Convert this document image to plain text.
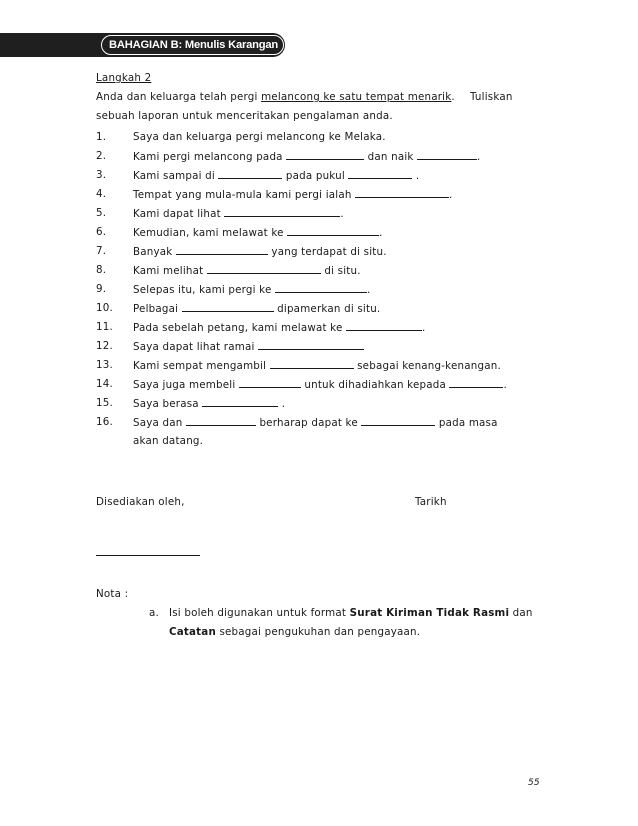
BAHAGIAN B: Menulis Karangan
Langkah 2
Anda dan keluarga telah pergi melancong ke satu tempat menarik. Tuliskan
sebuah laporan untuk menceritakan pengalaman anda.
1.	Saya dan keluarga pergi melancong ke Melaka.
2.	Kami pergi melancong pada	dan naik	.
3.	Kami sampai di	pada pukul	.
4.	Tempat yang mula-mula kami pergi ialah	.
5.	Kami dapat lihat	.
6.	Kemudian, kami melawat ke	.
7.	Banyak	yang terdapat di situ.
8.	Kami melihat	di situ.
9.	Selepas itu, kami pergi ke	.
10. Pelbagai	dipamerkan di situ.
11. Pada sebelah petang, kami melawat ke	.
12. Saya dapat lihat ramai
13. Kami sempat mengambil	sebagai kenang-kenangan.
14. Saya juga membeli	untuk dihadiahkan kepada	.
15. Saya berasa	.
16. Saya dan	berharap dapat ke	pada masa
akan datang.
Disediakan oleh,	Tarikh
Nota :
a. Isi boleh digunakan untuk format Surat Kiriman Tidak Rasmi dan
Catatan sebagai pengukuhan dan pengayaan.
55
